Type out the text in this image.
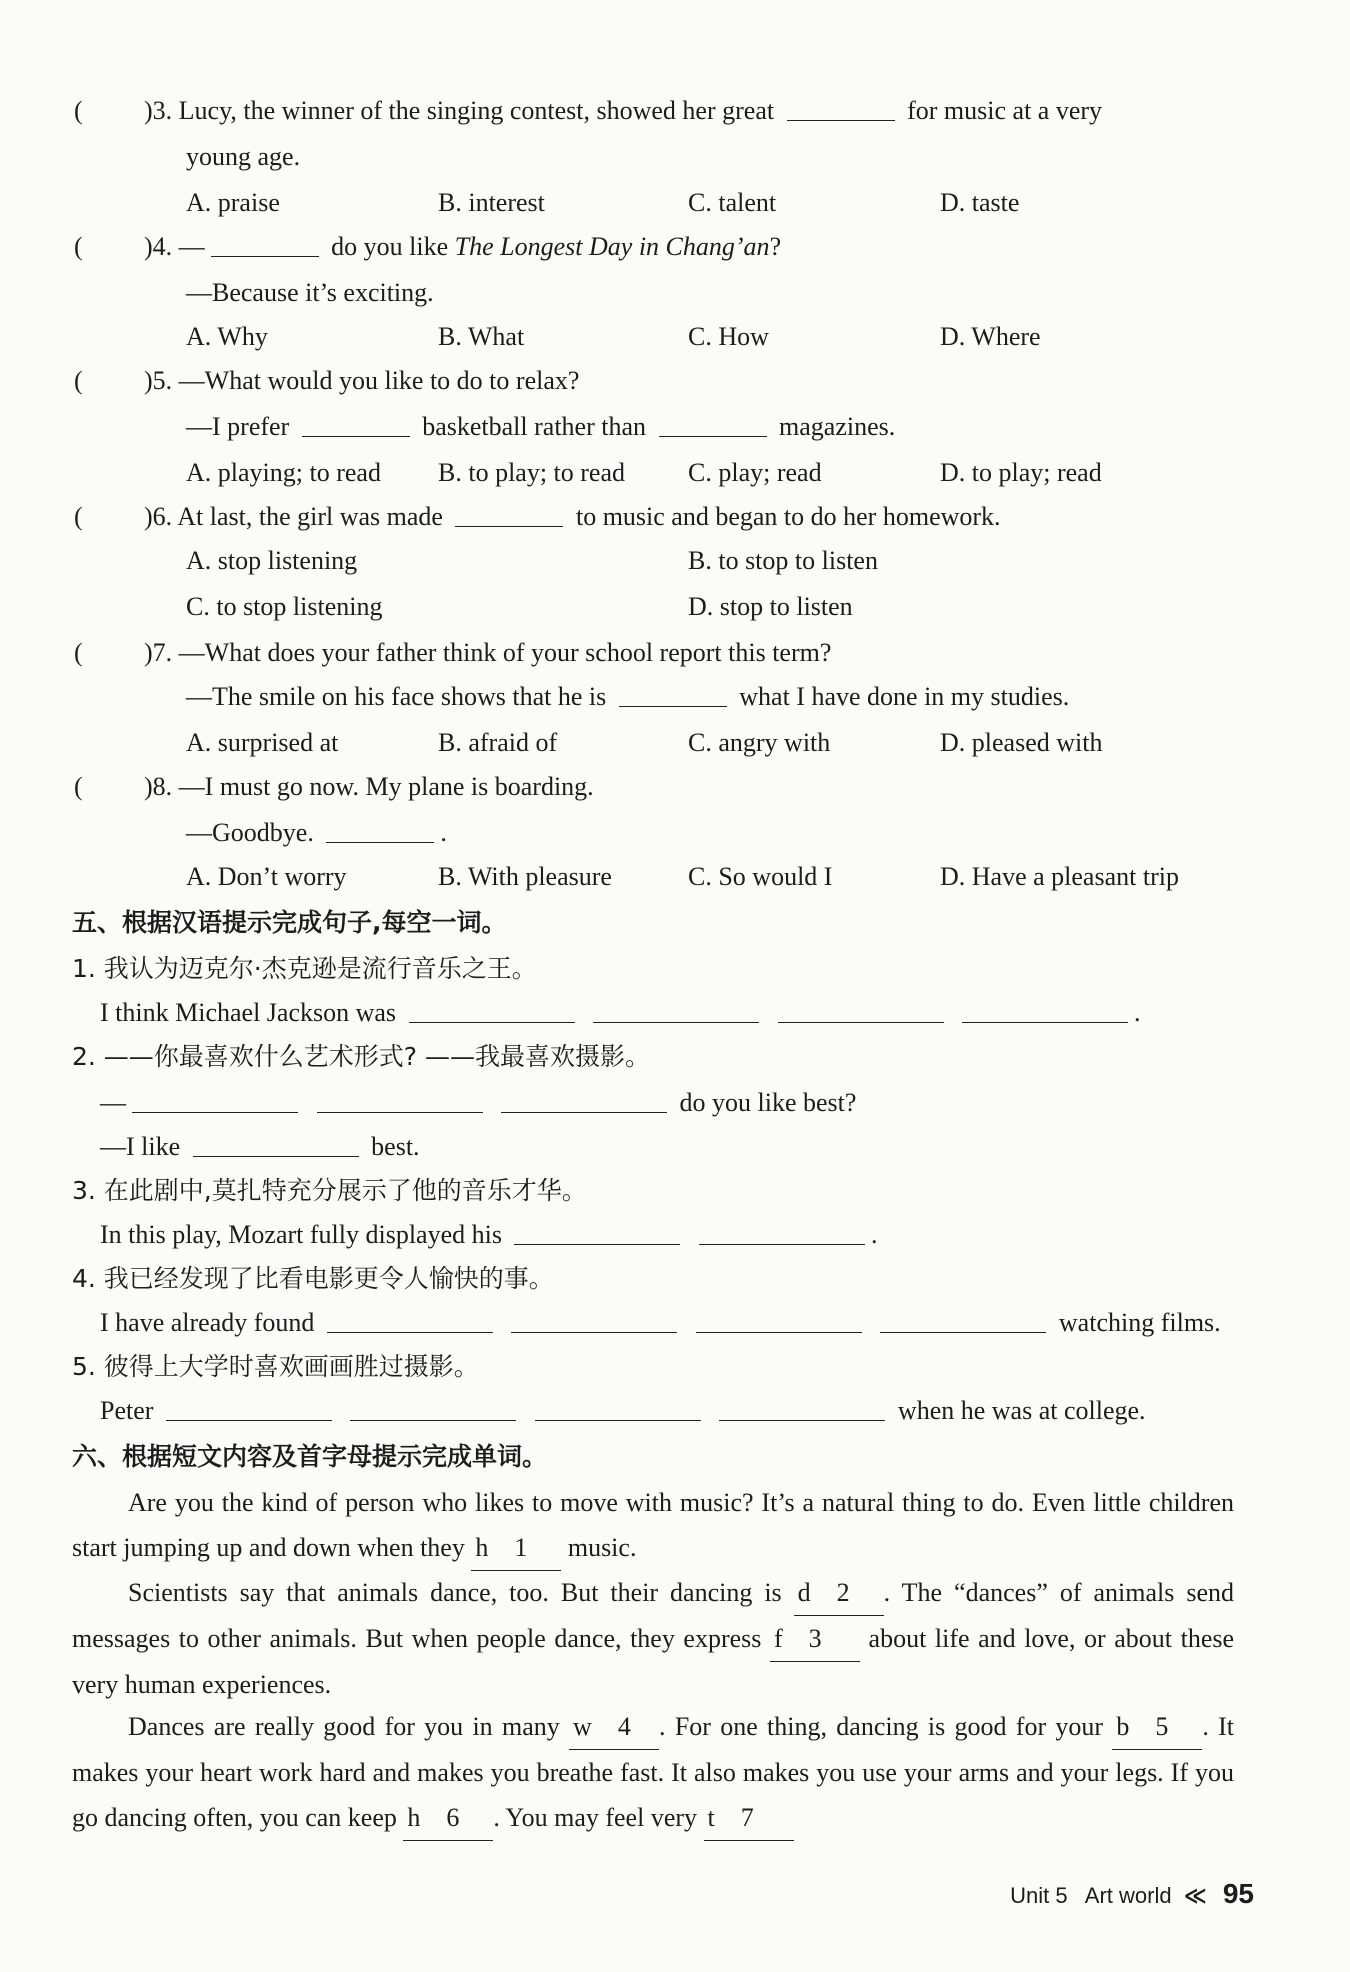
( )3. Lucy, the winner of the singing contest, showed her great	for music at a very
young age.
A. praise	B. interest	C. talent	D. taste
( )4. —	do you like The Longest Day in Chang’an?
—Because it’s exciting.
A. Why	B. What	C. How	D. Where
( )5. —What would you like to do to relax?
—I prefer	basketball rather than	magazines.
A. playing; to read B. to play; to read C. play; read	D. to play; read
( )6. At last, the girl was made	to music and began to do her homework.
A. stop listening	B. to stop to listen
C. to stop listening	D. stop to listen
( )7. —What does your father think of your school report this term?
—The smile on his face shows that he is	what I have done in my studies.
A. surprised at	B. afraid of	C. angry with	D. pleased with
( )8. —I must go now. My plane is boarding.
—Goodbye.	.
A. Don’t worry	B. With pleasure	C. So would I	D. Have a pleasant trip
五、根据汉语提示完成句子,每空一词。
1. 我认为迈克尔·杰克逊是流行音乐之王。
I think Michael Jackson was	.
2. ——你最喜欢什么艺术形式? ——我最喜欢摄影。
—	do you like best?
—I like	best.
3. 在此剧中,莫扎特充分展示了他的音乐才华。
In this play, Mozart fully displayed his	.
4. 我已经发现了比看电影更令人愉快的事。
I have already found	watching films.
5. 彼得上大学时喜欢画画胜过摄影。
Peter	when he was at college.
六、根据短文内容及首字母提示完成单词。
Are you the kind of person who likes to move with music? It’s a natural thing to do. Even little children start jumping up and down when they h 1 music.
Scientists say that animals dance, too. But their dancing is d 2 . The “dances” of animals send messages to other animals. But when people dance, they express f 3 about life and love, or about these very human experiences.
Dances are really good for you in many w 4 . For one thing, dancing is good for your b 5 . It makes your heart work hard and makes you breathe fast. It also makes you use your arms and your legs. If you go dancing often, you can keep h 6 . You may feel very t 7
Unit 5 Art world ≪ 95
